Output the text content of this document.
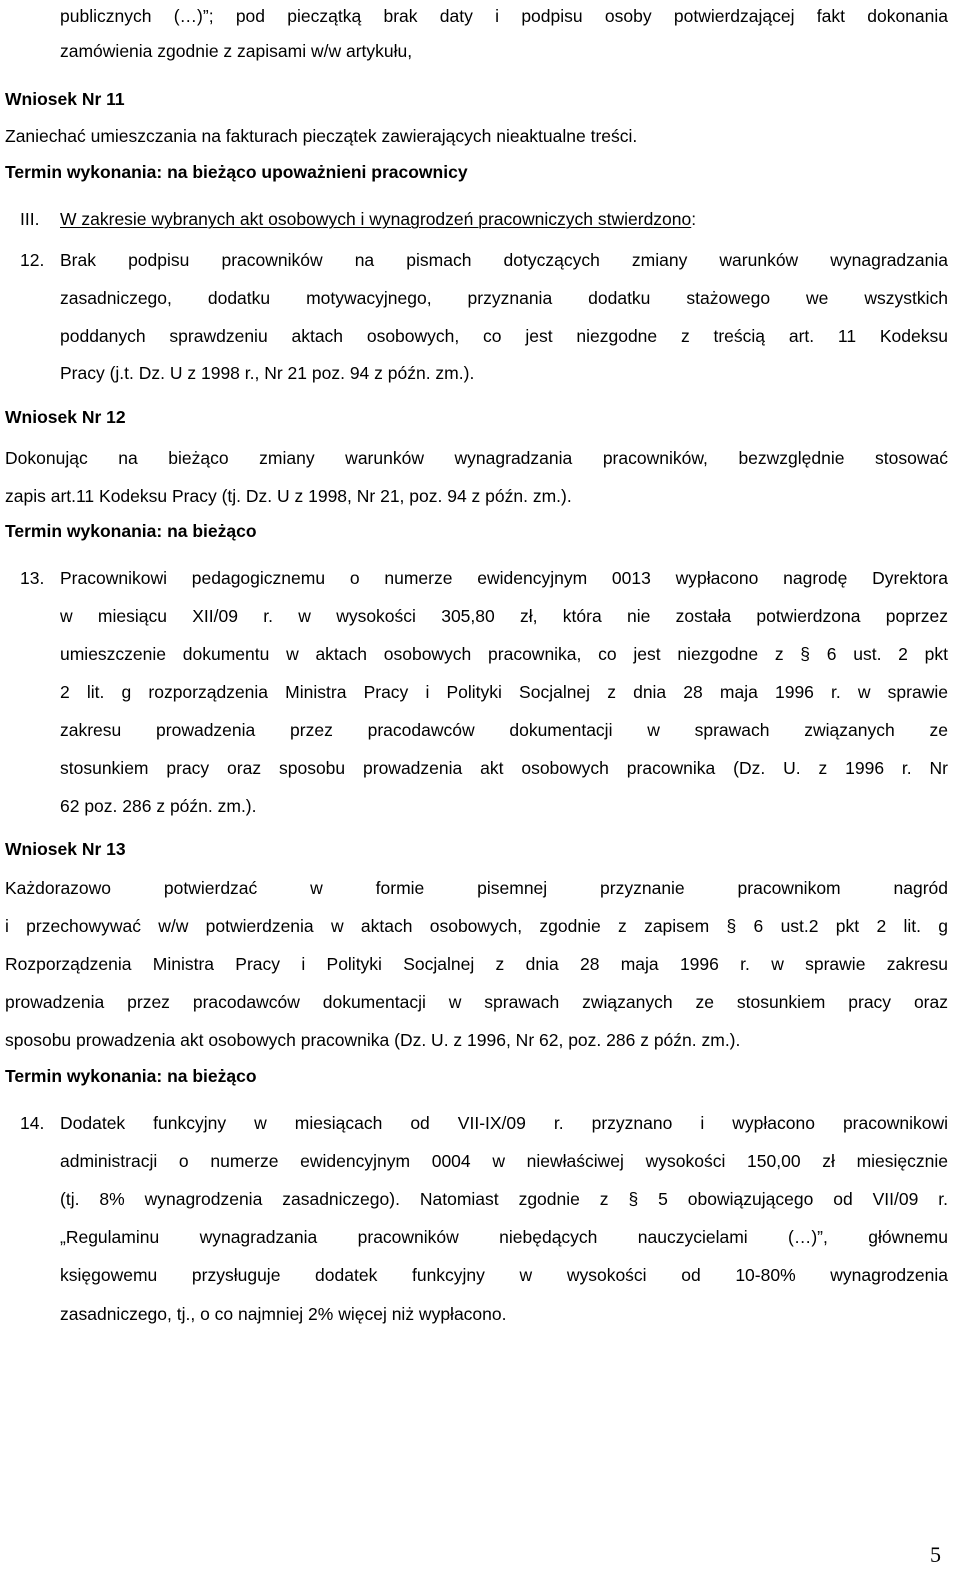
publicznych (…)”; pod pieczątką brak daty i podpisu osoby potwierdzającej fakt dokonania
zamówienia zgodnie z zapisami w/w artykułu,
Wniosek Nr 11
Zaniechać umieszczania na fakturach pieczątek zawierających nieaktualne treści.
Termin wykonania: na bieżąco upoważnieni pracownicy
III. W zakresie wybranych akt osobowych i wynagrodzeń pracowniczych stwierdzono:
12. Brak podpisu pracowników na pismach dotyczących zmiany warunków wynagradzania
zasadniczego, dodatku motywacyjnego, przyznania dodatku stażowego we wszystkich
poddanych sprawdzeniu aktach osobowych, co jest niezgodne z treścią art. 11 Kodeksu
Pracy (j.t. Dz. U z 1998 r., Nr 21 poz. 94 z późn. zm.).
Wniosek Nr 12
Dokonując na bieżąco zmiany warunków wynagradzania pracowników, bezwzględnie stosować
zapis art.11 Kodeksu Pracy (tj. Dz. U z 1998, Nr 21, poz. 94 z późn. zm.).
Termin wykonania: na bieżąco
13. Pracownikowi pedagogicznemu o numerze ewidencyjnym 0013 wypłacono nagrodę Dyrektora
w miesiącu XII/09 r. w wysokości 305,80 zł, która nie została potwierdzona poprzez
umieszczenie dokumentu w aktach osobowych pracownika, co jest niezgodne z § 6 ust. 2 pkt
2 lit. g rozporządzenia Ministra Pracy i Polityki Socjalnej z dnia 28 maja 1996 r. w sprawie
zakresu prowadzenia przez pracodawców dokumentacji w sprawach związanych ze
stosunkiem pracy oraz sposobu prowadzenia akt osobowych pracownika (Dz. U. z 1996 r. Nr
62 poz. 286 z późn. zm.).
Wniosek Nr 13
Każdorazowo potwierdzać w formie pisemnej przyznanie pracownikom nagród
i przechowywać w/w potwierdzenia w aktach osobowych, zgodnie z zapisem § 6 ust.2 pkt 2 lit. g
Rozporządzenia Ministra Pracy i Polityki Socjalnej z dnia 28 maja 1996 r. w sprawie zakresu
prowadzenia przez pracodawców dokumentacji w sprawach związanych ze stosunkiem pracy oraz
sposobu prowadzenia akt osobowych pracownika (Dz. U. z 1996, Nr 62, poz. 286 z późn. zm.).
Termin wykonania: na bieżąco
14. Dodatek funkcyjny w miesiącach od VII-IX/09 r. przyznano i wypłacono pracownikowi
administracji o numerze ewidencyjnym 0004 w niewłaściwej wysokości 150,00 zł miesięcznie
(tj. 8% wynagrodzenia zasadniczego). Natomiast zgodnie z § 5 obowiązującego od VII/09 r.
„Regulaminu wynagradzania pracowników niebędących nauczycielami (…)”, głównemu
księgowemu przysługuje dodatek funkcyjny w wysokości od 10-80% wynagrodzenia
zasadniczego, tj., o co najmniej 2% więcej niż wypłacono.
5
